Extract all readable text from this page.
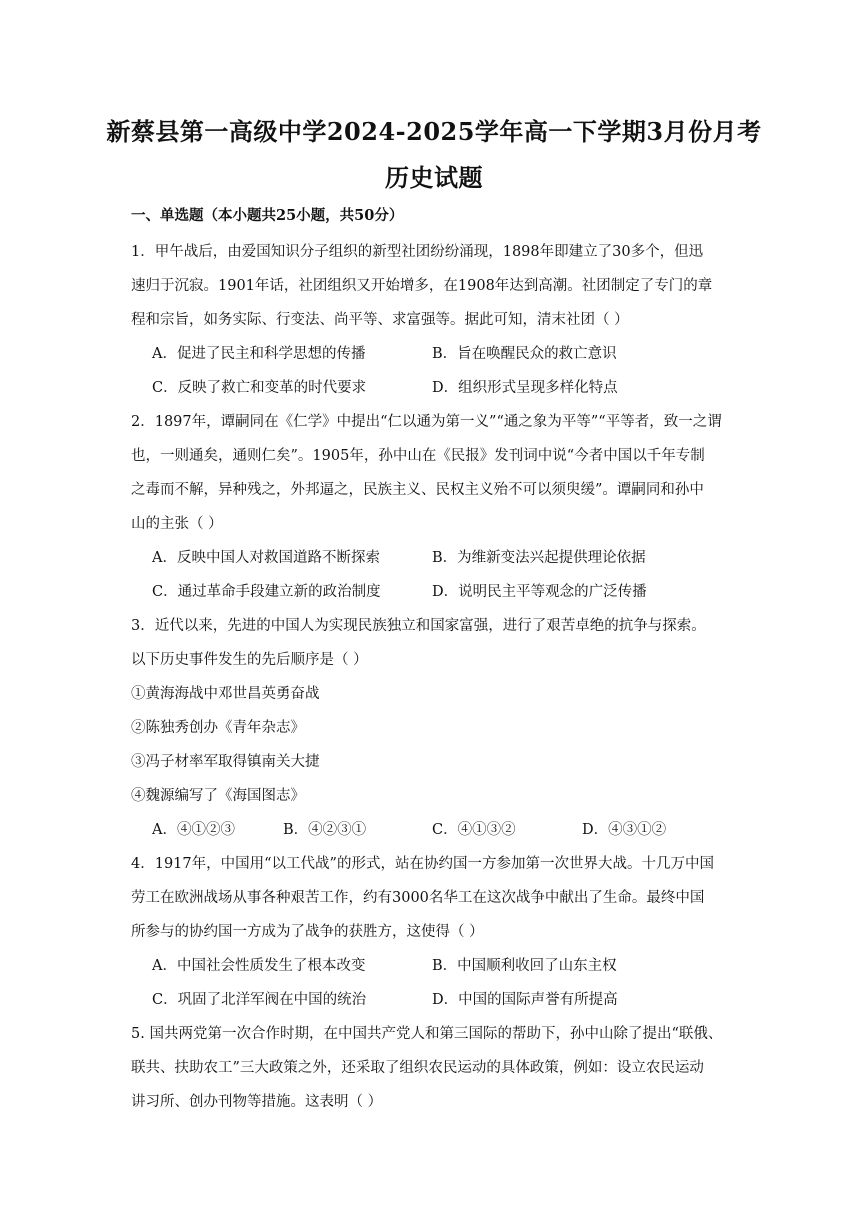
新蔡县第一高级中学2024-2025学年高一下学期3月份月考
历史试题
一、单选题（本小题共25小题，共50分）
1．甲午战后，由爱国知识分子组织的新型社团纷纷涌现，1898年即建立了30多个，但迅
速归于沉寂。1901年话，社团组织又开始增多，在1908年达到高潮。社团制定了专门的章
程和宗旨，如务实际、行变法、尚平等、求富强等。据此可知，清末社团（ ）
A．促进了民主和科学思想的传播	B．旨在唤醒民众的救亡意识
C．反映了救亡和变革的时代要求	D．组织形式呈现多样化特点
2．1897年，谭嗣同在《仁学》中提出“仁以通为第一义”“通之象为平等”“平等者，致一之谓
也，一则通矣，通则仁矣”。1905年，孙中山在《民报》发刊词中说“今者中国以千年专制
之毒而不解，异种残之，外邦逼之，民族主义、民权主义殆不可以须臾缓”。谭嗣同和孙中
山的主张（ ）
A．反映中国人对救国道路不断探索	B．为维新变法兴起提供理论依据
C．通过革命手段建立新的政治制度	D．说明民主平等观念的广泛传播
3．近代以来，先进的中国人为实现民族独立和国家富强，进行了艰苦卓绝的抗争与探索。
以下历史事件发生的先后顺序是（ ）
①黄海海战中邓世昌英勇奋战
②陈独秀创办《青年杂志》
③冯子材率军取得镇南关大捷
④魏源编写了《海国图志》
A．④①②③	B．④②③①	C．④①③②	D．④③①②
4．1917年，中国用“以工代战”的形式，站在协约国一方参加第一次世界大战。十几万中国
劳工在欧洲战场从事各种艰苦工作，约有3000名华工在这次战争中献出了生命。最终中国
所参与的协约国一方成为了战争的获胜方，这使得（ ）
A．中国社会性质发生了根本改变	B．中国顺利收回了山东主权
C．巩固了北洋军阀在中国的统治	D．中国的国际声誉有所提高
5. 国共两党第一次合作时期，在中国共产党人和第三国际的帮助下，孙中山除了提出“联俄、
联共、扶助农工”三大政策之外，还采取了组织农民运动的具体政策，例如：设立农民运动
讲习所、创办刊物等措施。这表明（ ）
